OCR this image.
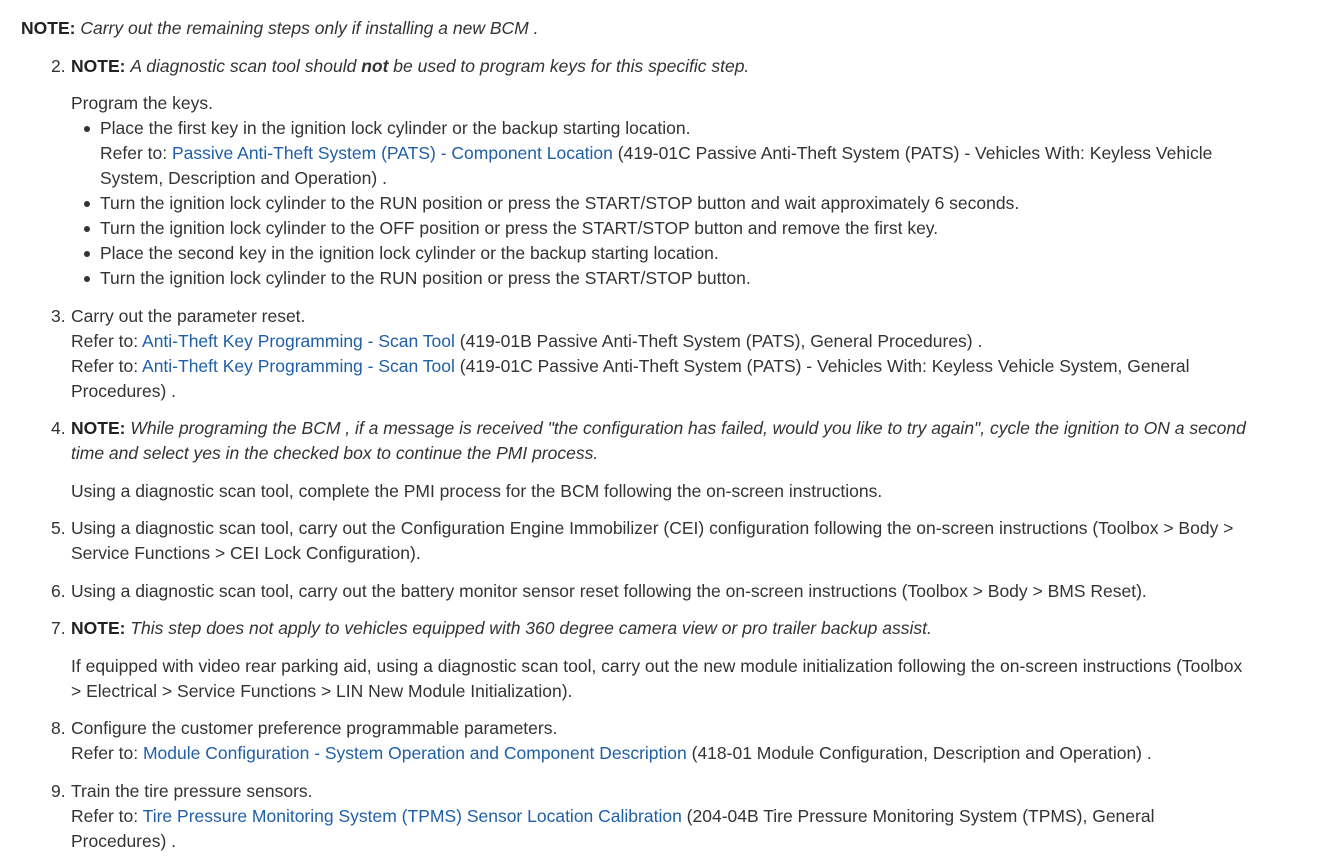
NOTE: Carry out the remaining steps only if installing a new BCM .
2. NOTE: A diagnostic scan tool should not be used to program keys for this specific step.
Program the keys.
Place the first key in the ignition lock cylinder or the backup starting location.
Refer to: Passive Anti-Theft System (PATS) - Component Location (419-01C Passive Anti-Theft System (PATS) - Vehicles With: Keyless Vehicle System, Description and Operation) .
Turn the ignition lock cylinder to the RUN position or press the START/STOP button and wait approximately 6 seconds.
Turn the ignition lock cylinder to the OFF position or press the START/STOP button and remove the first key.
Place the second key in the ignition lock cylinder or the backup starting location.
Turn the ignition lock cylinder to the RUN position or press the START/STOP button.
3. Carry out the parameter reset.
Refer to: Anti-Theft Key Programming - Scan Tool (419-01B Passive Anti-Theft System (PATS), General Procedures) .
Refer to: Anti-Theft Key Programming - Scan Tool (419-01C Passive Anti-Theft System (PATS) - Vehicles With: Keyless Vehicle System, General Procedures) .
4. NOTE: While programing the BCM , if a message is received "the configuration has failed, would you like to try again", cycle the ignition to ON a second time and select yes in the checked box to continue the PMI process.
Using a diagnostic scan tool, complete the PMI process for the BCM following the on-screen instructions.
5. Using a diagnostic scan tool, carry out the Configuration Engine Immobilizer (CEI) configuration following the on-screen instructions (Toolbox > Body > Service Functions > CEI Lock Configuration).
6. Using a diagnostic scan tool, carry out the battery monitor sensor reset following the on-screen instructions (Toolbox > Body > BMS Reset).
7. NOTE: This step does not apply to vehicles equipped with 360 degree camera view or pro trailer backup assist.
If equipped with video rear parking aid, using a diagnostic scan tool, carry out the new module initialization following the on-screen instructions (Toolbox > Electrical > Service Functions > LIN New Module Initialization).
8. Configure the customer preference programmable parameters.
Refer to: Module Configuration - System Operation and Component Description (418-01 Module Configuration, Description and Operation) .
9. Train the tire pressure sensors.
Refer to: Tire Pressure Monitoring System (TPMS) Sensor Location Calibration (204-04B Tire Pressure Monitoring System (TPMS), General Procedures) .
